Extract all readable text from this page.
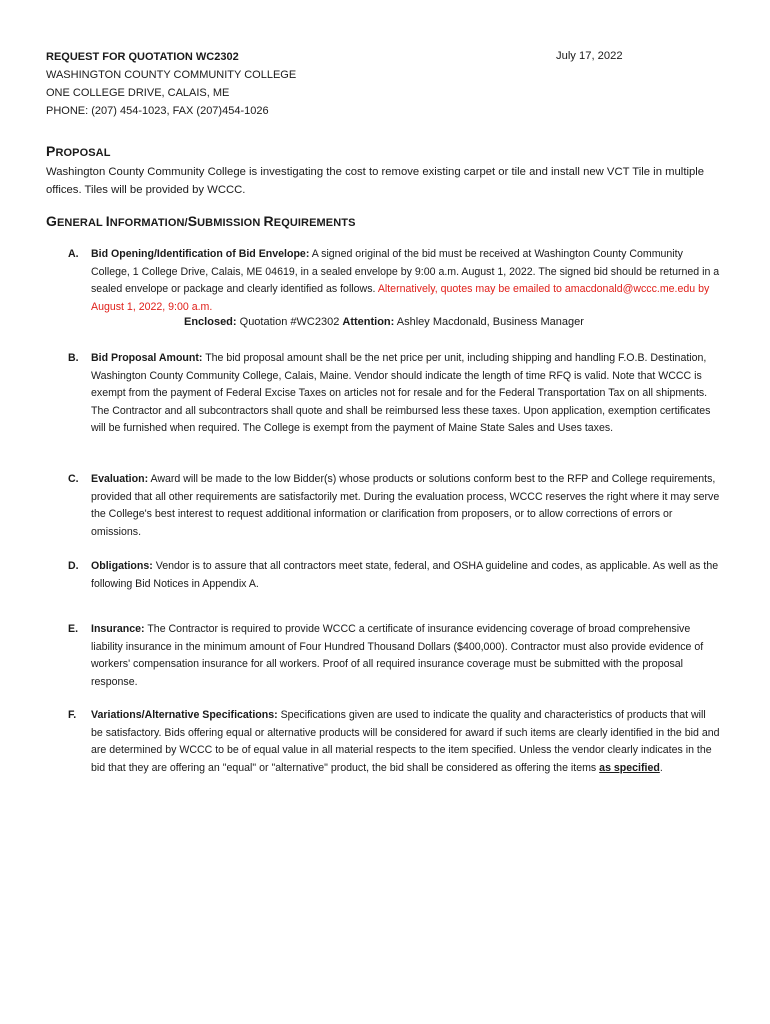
REQUEST FOR QUOTATION WC2302	July 17, 2022
WASHINGTON COUNTY COMMUNITY COLLEGE
ONE COLLEGE DRIVE, CALAIS, ME
PHONE: (207) 454-1023, FAX (207)454-1026
PROPOSAL
Washington County Community College is investigating the cost to remove existing carpet or tile and install new VCT Tile in multiple offices. Tiles will be provided by WCCC.
GENERAL INFORMATION/SUBMISSION REQUIREMENTS
A. Bid Opening/Identification of Bid Envelope: A signed original of the bid must be received at Washington County Community College, 1 College Drive, Calais, ME 04619, in a sealed envelope by 9:00 a.m. August 1, 2022. The signed bid should be returned in a sealed envelope or package and clearly identified as follows. Alternatively, quotes may be emailed to amacdonald@wccc.me.edu by August 1, 2022, 9:00 a.m.
Enclosed: Quotation #WC2302 Attention: Ashley Macdonald, Business Manager
B. Bid Proposal Amount: The bid proposal amount shall be the net price per unit, including shipping and handling F.O.B. Destination, Washington County Community College, Calais, Maine. Vendor should indicate the length of time RFQ is valid. Note that WCCC is exempt from the payment of Federal Excise Taxes on articles not for resale and for the Federal Transportation Tax on all shipments. The Contractor and all subcontractors shall quote and shall be reimbursed less these taxes. Upon application, exemption certificates will be furnished when required. The College is exempt from the payment of Maine State Sales and Uses taxes.
C. Evaluation: Award will be made to the low Bidder(s) whose products or solutions conform best to the RFP and College requirements, provided that all other requirements are satisfactorily met. During the evaluation process, WCCC reserves the right where it may serve the College's best interest to request additional information or clarification from proposers, or to allow corrections of errors or omissions.
D. Obligations: Vendor is to assure that all contractors meet state, federal, and OSHA guideline and codes, as applicable. As well as the following Bid Notices in Appendix A.
E. Insurance: The Contractor is required to provide WCCC a certificate of insurance evidencing coverage of broad comprehensive liability insurance in the minimum amount of Four Hundred Thousand Dollars ($400,000). Contractor must also provide evidence of workers' compensation insurance for all workers. Proof of all required insurance coverage must be submitted with the proposal response.
F. Variations/Alternative Specifications: Specifications given are used to indicate the quality and characteristics of products that will be satisfactory. Bids offering equal or alternative products will be considered for award if such items are clearly identified in the bid and are determined by WCCC to be of equal value in all material respects to the item specified. Unless the vendor clearly indicates in the bid that they are offering an "equal" or "alternative" product, the bid shall be considered as offering the items as specified.
